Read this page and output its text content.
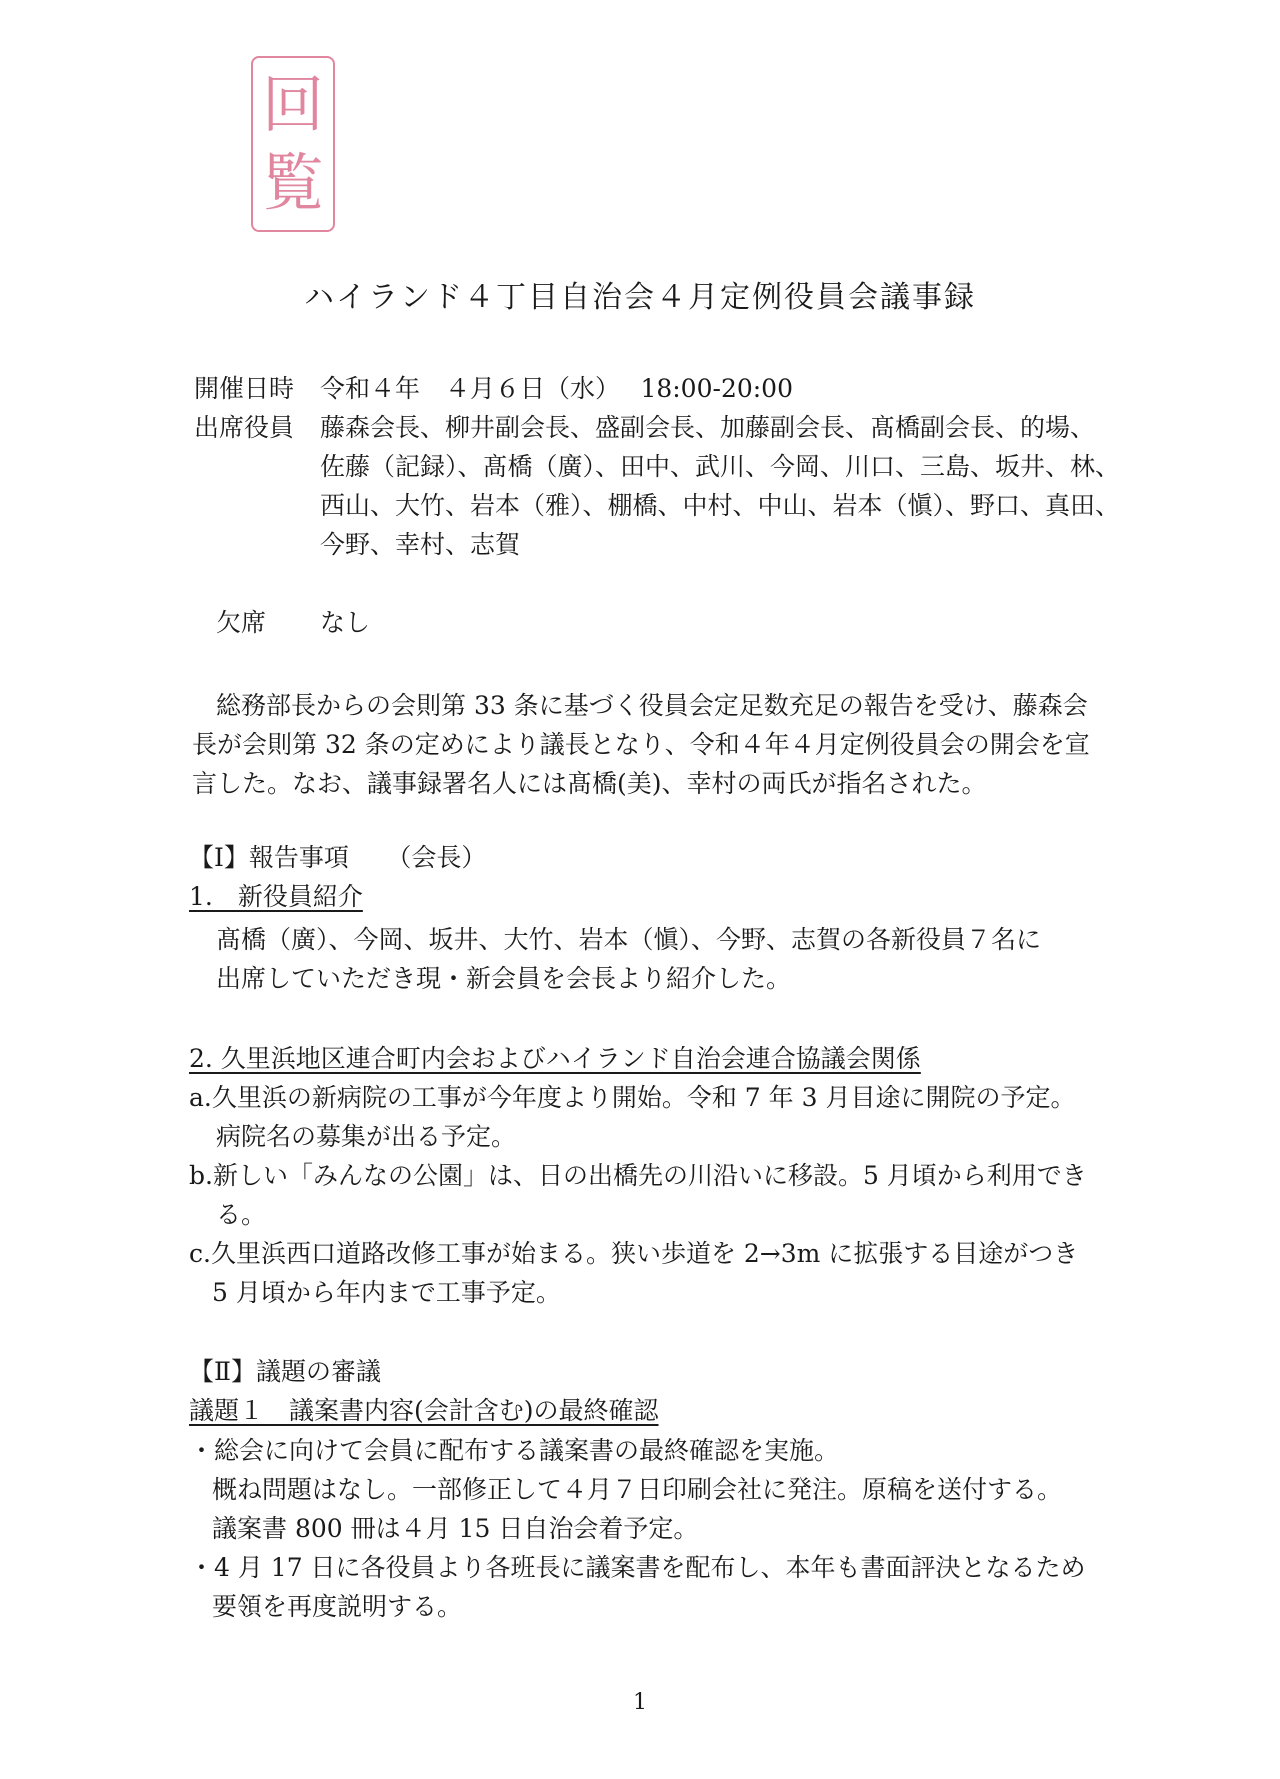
回
覧
ハイランド４丁目自治会４月定例役員会議事録
開催日時 令和４年　４月６日（水）　 18:00-20:00
出席役員 藤森会長、柳井副会長、盛副会長、加藤副会長、髙橋副会長、的場、
佐藤（記録）、髙橋（廣）、田中、武川、今岡、川口、三島、坂井、林、
西山、大竹、岩本（雅）、棚橋、中村、中山、岩本（愼）、野口、真田、
今野、幸村、志賀
欠席 なし
総務部長からの会則第 33 条に基づく役員会定足数充足の報告を受け、藤森会
長が会則第 32 条の定めにより議長となり、令和４年４月定例役員会の開会を宣
言した。なお、議事録署名人には髙橋(美)、幸村の両氏が指名された。
【Ⅰ】報告事項　　（会長）
1.　新役員紹介
髙橋（廣）、今岡、坂井、大竹、岩本（愼）、今野、志賀の各新役員７名に
出席していただき現・新会員を会長より紹介した。
2. 久里浜地区連合町内会およびハイランド自治会連合協議会関係
a.久里浜の新病院の工事が今年度より開始。令和 7 年 3 月目途に開院の予定。
病院名の募集が出る予定。
b.新しい「みんなの公園」は、日の出橋先の川沿いに移設。5 月頃から利用でき
る。
c.久里浜西口道路改修工事が始まる。狭い歩道を 2→3m に拡張する目途がつき
5 月頃から年内まで工事予定。
【Ⅱ】議題の審議
議題１　議案書内容(会計含む)の最終確認
・総会に向けて会員に配布する議案書の最終確認を実施。
概ね問題はなし。一部修正して４月７日印刷会社に発注。原稿を送付する。
議案書 800 冊は４月 15 日自治会着予定。
・4 月 17 日に各役員より各班長に議案書を配布し、本年も書面評決となるため
要領を再度説明する。
1
